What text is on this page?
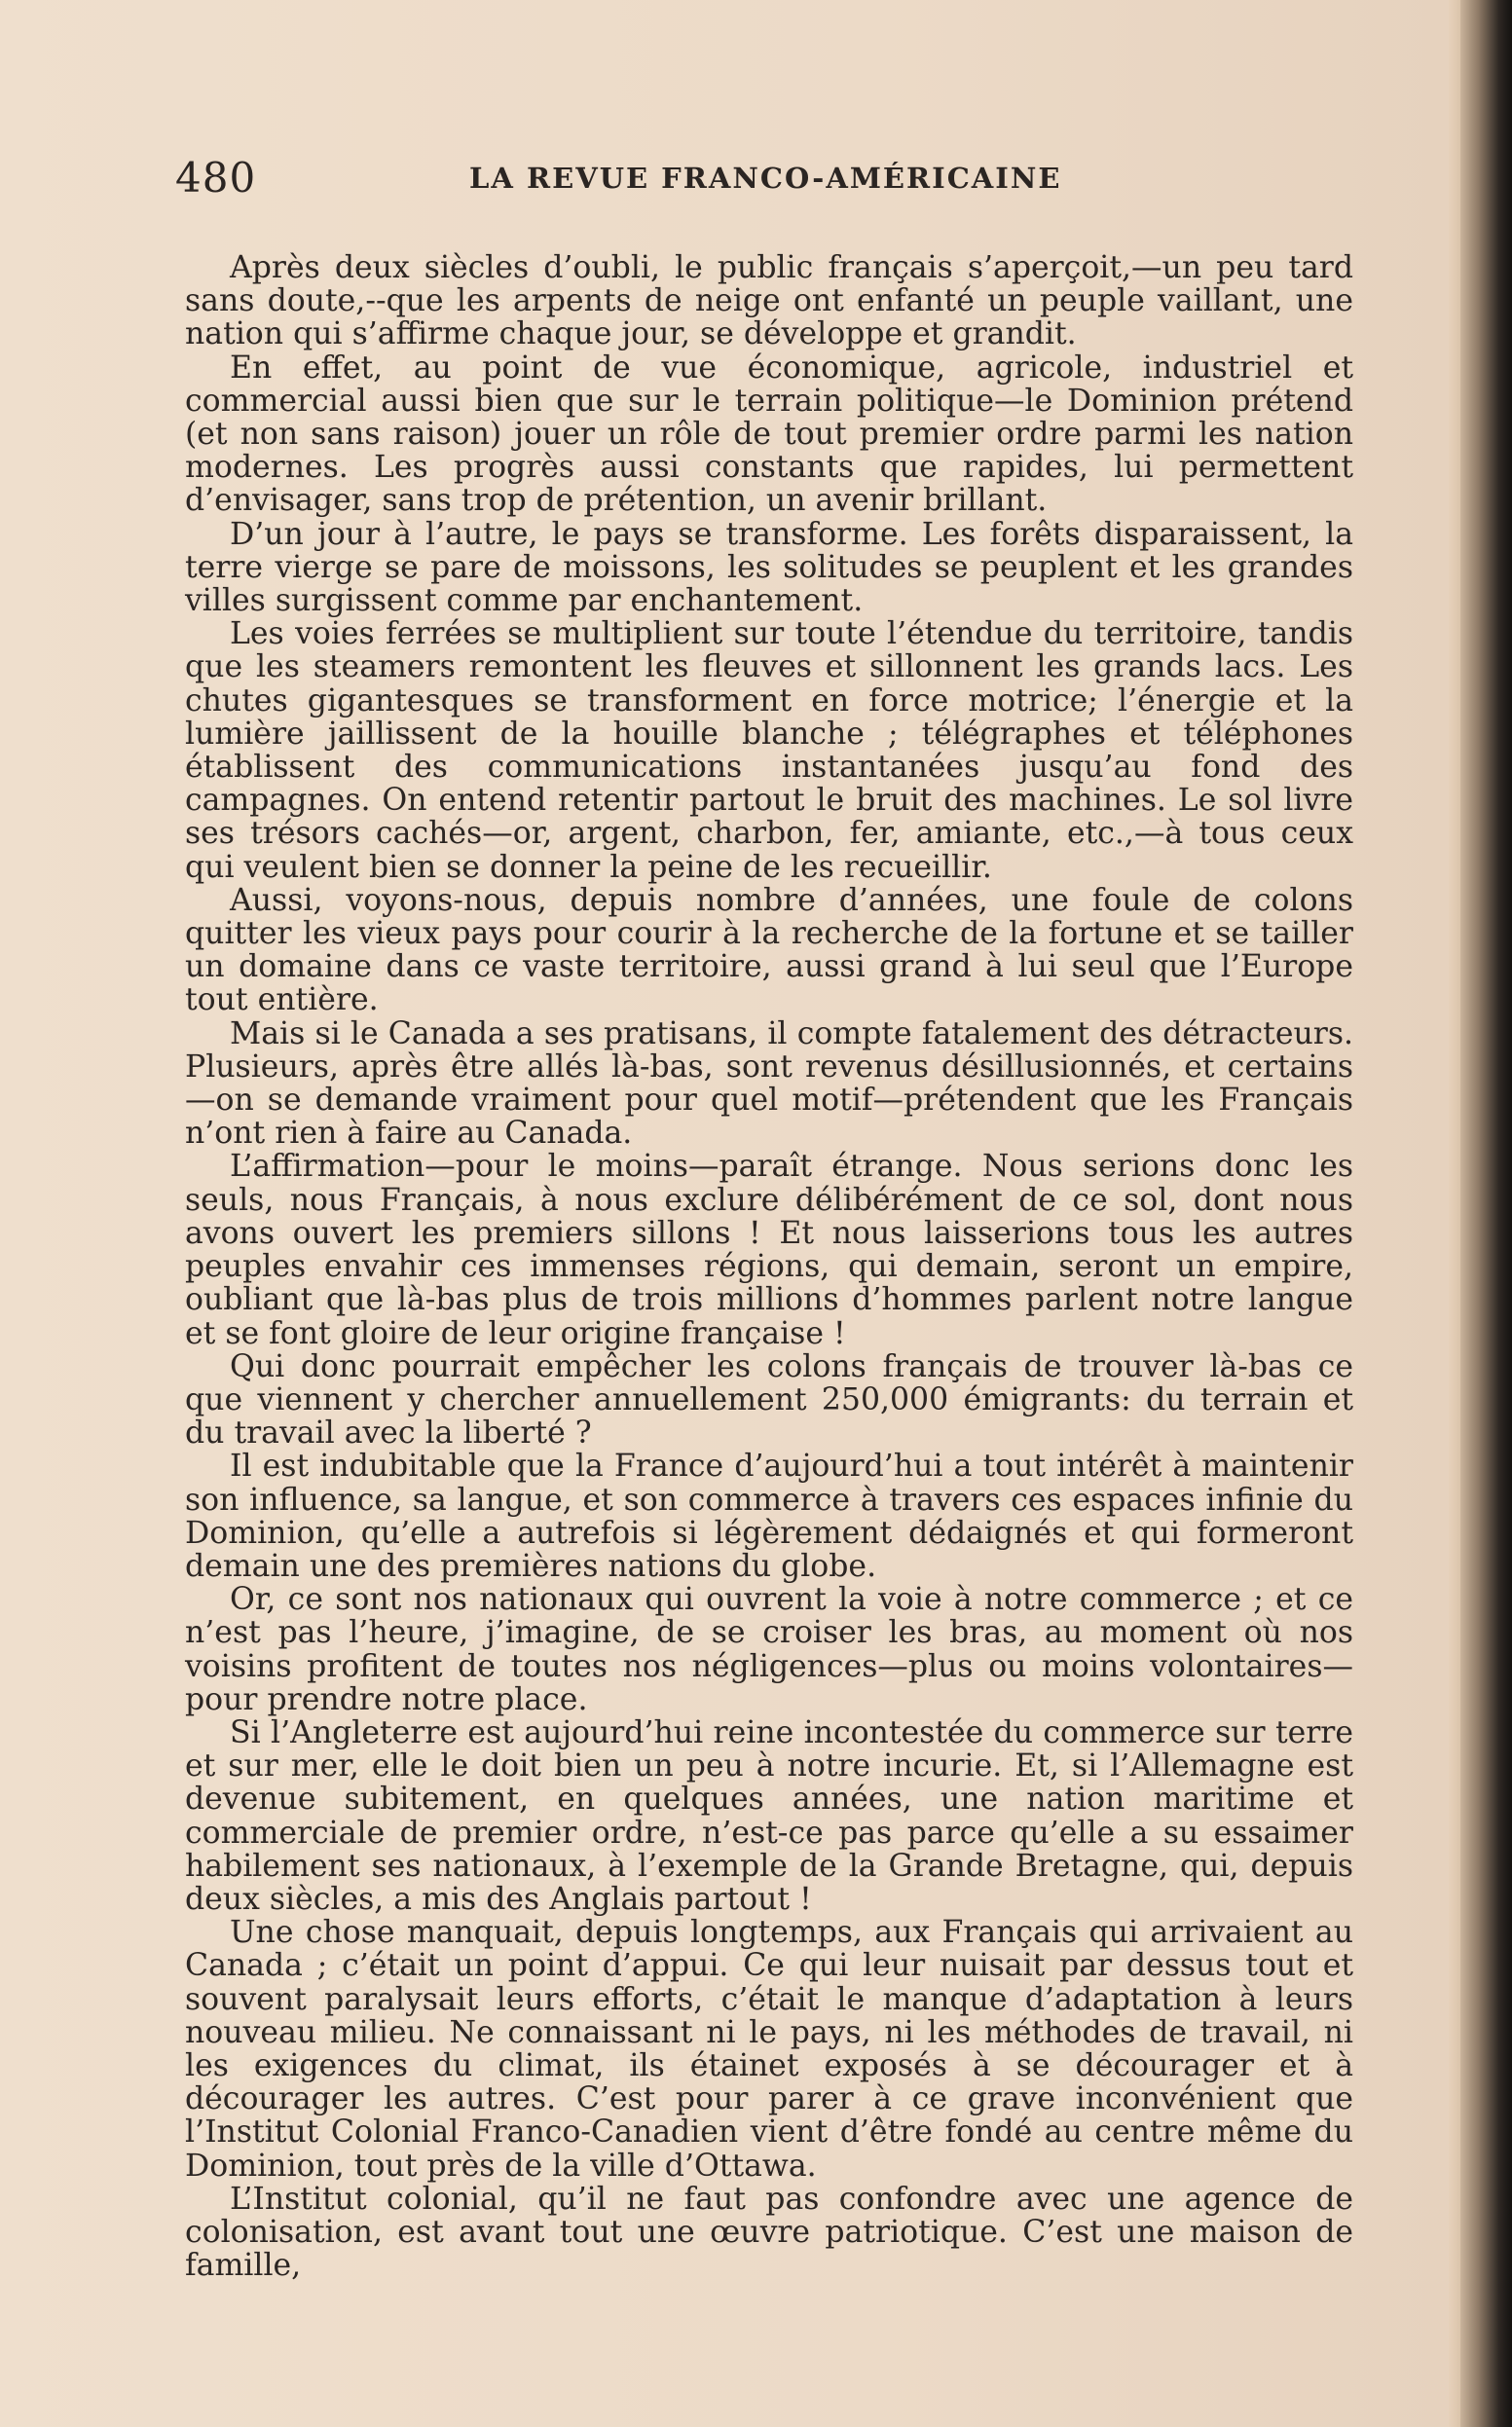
480	LA REVUE FRANCO-AMÉRICAINE

Après deux siècles d’oubli, le public français s’aperçoit,—un peu tard sans doute,--que les arpents de neige ont enfanté un peuple vaillant, une nation qui s’affirme chaque jour, se développe et grandit.

En effet, au point de vue économique, agricole, industriel et commercial aussi bien que sur le terrain politique—le Dominion prétend (et non sans raison) jouer un rôle de tout premier ordre parmi les nation modernes. Les progrès aussi constants que rapides, lui permettent d’envisager, sans trop de prétention, un avenir brillant.

D’un jour à l’autre, le pays se transforme. Les forêts disparaissent, la terre vierge se pare de moissons, les solitudes se peuplent et les grandes villes surgissent comme par enchantement.

Les voies ferrées se multiplient sur toute l’étendue du territoire, tandis que les steamers remontent les fleuves et sillonnent les grands lacs. Les chutes gigantesques se transforment en force motrice; l’énergie et la lumière jaillissent de la houille blanche ; télégraphes et téléphones établissent des communications instantanées jusqu’au fond des campagnes. On entend retentir partout le bruit des machines. Le sol livre ses trésors cachés—or, argent, charbon, fer, amiante, etc.,—à tous ceux qui veulent bien se donner la peine de les recueillir.

Aussi, voyons-nous, depuis nombre d’années, une foule de colons quitter les vieux pays pour courir à la recherche de la fortune et se tailler un domaine dans ce vaste territoire, aussi grand à lui seul que l’Europe tout entière.

Mais si le Canada a ses pratisans, il compte fatalement des détracteurs. Plusieurs, après être allés là-bas, sont revenus désillusionnés, et certains —on se demande vraiment pour quel motif—prétendent que les Français n’ont rien à faire au Canada.

L’affirmation—pour le moins—paraît étrange. Nous serions donc les seuls, nous Français, à nous exclure délibérément de ce sol, dont nous avons ouvert les premiers sillons ! Et nous laisserions tous les autres peuples envahir ces immenses régions, qui demain, seront un empire, oubliant que là-bas plus de trois millions d’hommes parlent notre langue et se font gloire de leur origine française !

Qui donc pourrait empêcher les colons français de trouver là-bas ce que viennent y chercher annuellement 250,000 émigrants: du terrain et du travail avec la liberté ?

Il est indubitable que la France d’aujourd’hui a tout intérêt à maintenir son influence, sa langue, et son commerce à travers ces espaces infinie du Dominion, qu’elle a autrefois si légèrement dédaignés et qui formeront demain une des premières nations du globe.

Or, ce sont nos nationaux qui ouvrent la voie à notre commerce ; et ce n’est pas l’heure, j’imagine, de se croiser les bras, au moment où nos voisins profitent de toutes nos négligences—plus ou moins volontaires—pour prendre notre place.

Si l’Angleterre est aujourd’hui reine incontestée du commerce sur terre et sur mer, elle le doit bien un peu à notre incurie. Et, si l’Allemagne est devenue subitement, en quelques années, une nation maritime et commerciale de premier ordre, n’est-ce pas parce qu’elle a su essaimer habilement ses nationaux, à l’exemple de la Grande Bretagne, qui, depuis deux siècles, a mis des Anglais partout !

Une chose manquait, depuis longtemps, aux Français qui arrivaient au Canada ; c’était un point d’appui. Ce qui leur nuisait par dessus tout et souvent paralysait leurs efforts, c’était le manque d’adaptation à leurs nouveau milieu. Ne connaissant ni le pays, ni les méthodes de travail, ni les exigences du climat, ils étainet exposés à se décourager et à décourager les autres. C’est pour parer à ce grave inconvénient que l’Institut Colonial Franco-Canadien vient d’être fondé au centre même du Dominion, tout près de la ville d’Ottawa.

L’Institut colonial, qu’il ne faut pas confondre avec une agence de colonisation, est avant tout une œuvre patriotique. C’est une maison de famille,
